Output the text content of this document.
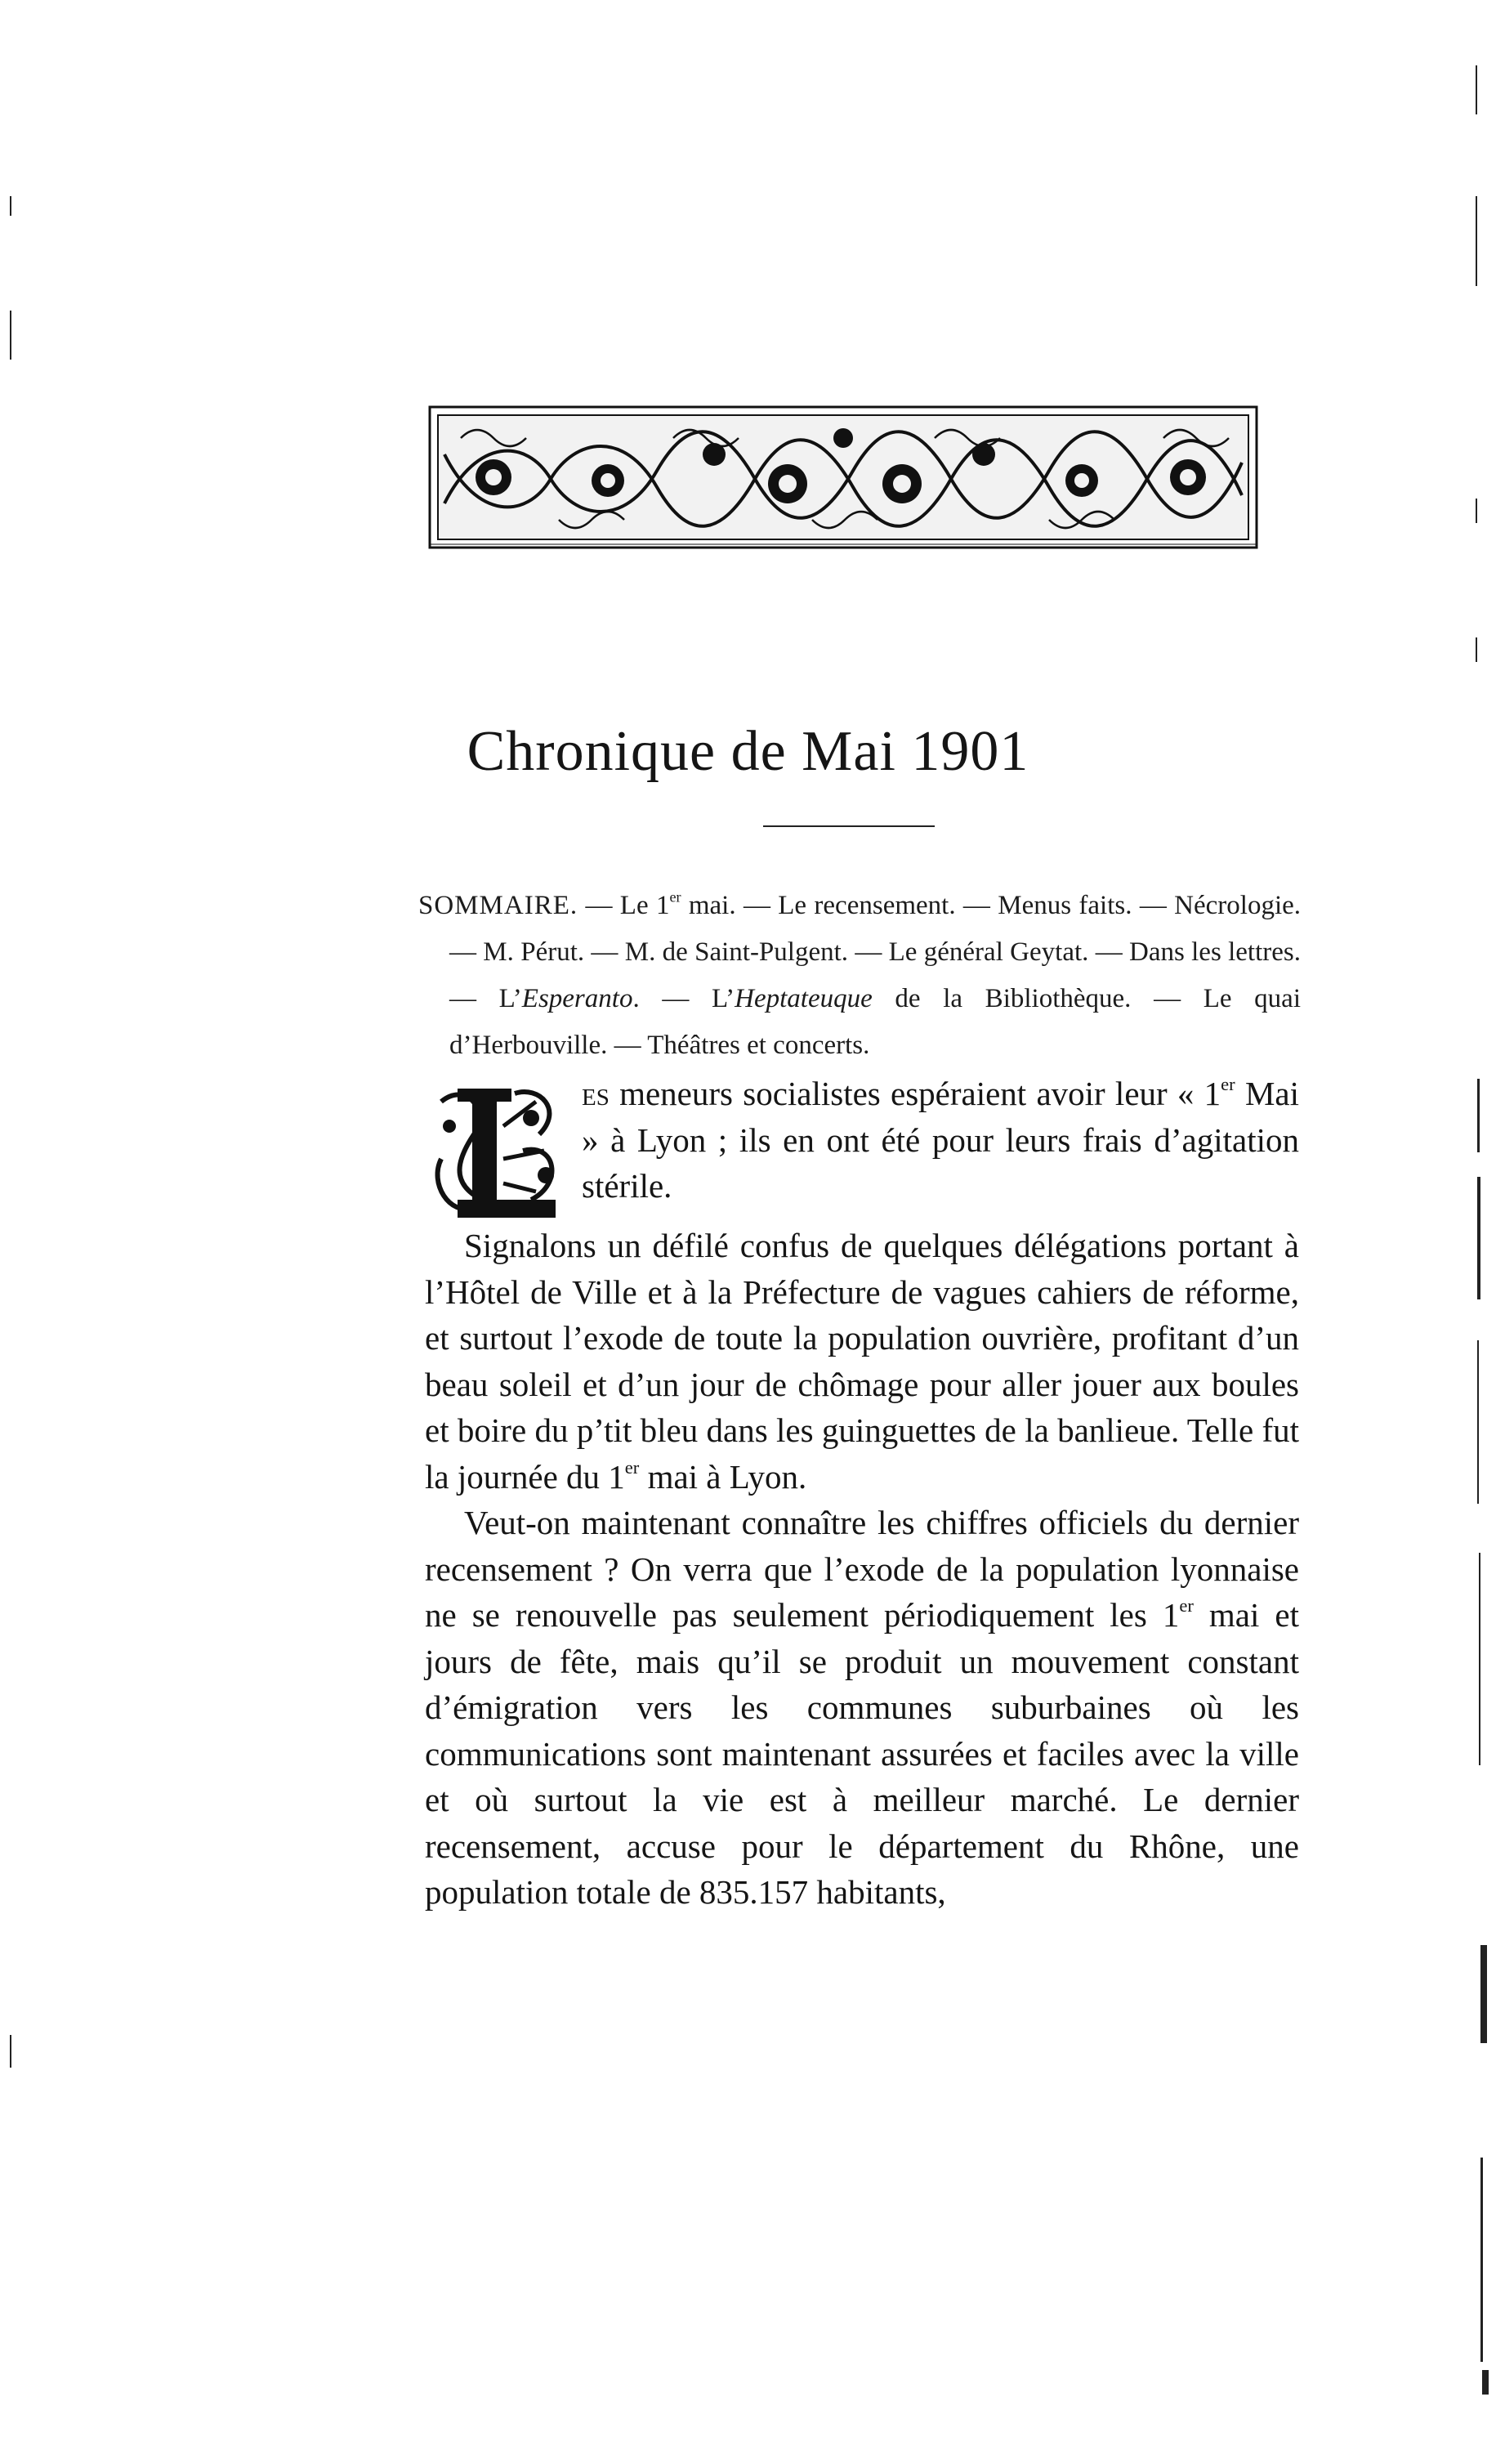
Chronique de Mai 1901

SOMMAIRE. — Le 1er mai. — Le recensement. — Menus faits. — Nécrologie. — M. Pérut. — M. de Saint-Pulgent. — Le général Geytat. — Dans les lettres. — L’Esperanto. — L’Heptateuque de la Bibliothèque. — Le quai d’Herbouville. — Théâtres et concerts.

es meneurs socialistes espéraient avoir leur « 1er Mai » à Lyon ; ils en ont été pour leurs frais d’agitation stérile.

Signalons un défilé confus de quelques délégations portant à l’Hôtel de Ville et à la Préfecture de vagues cahiers de réforme, et surtout l’exode de toute la population ouvrière, profitant d’un beau soleil et d’un jour de chômage pour aller jouer aux boules et boire du p’tit bleu dans les guinguettes de la banlieue. Telle fut la journée du 1er mai à Lyon.

Veut-on maintenant connaître les chiffres officiels du dernier recensement ? On verra que l’exode de la population lyonnaise ne se renouvelle pas seulement périodiquement les 1er mai et jours de fête, mais qu’il se produit un mouvement constant d’émigration vers les communes suburbaines où les communications sont maintenant assurées et faciles avec la ville et où surtout la vie est à meilleur marché. Le dernier recensement, accuse pour le département du Rhône, une population totale de 835.157 habitants,
